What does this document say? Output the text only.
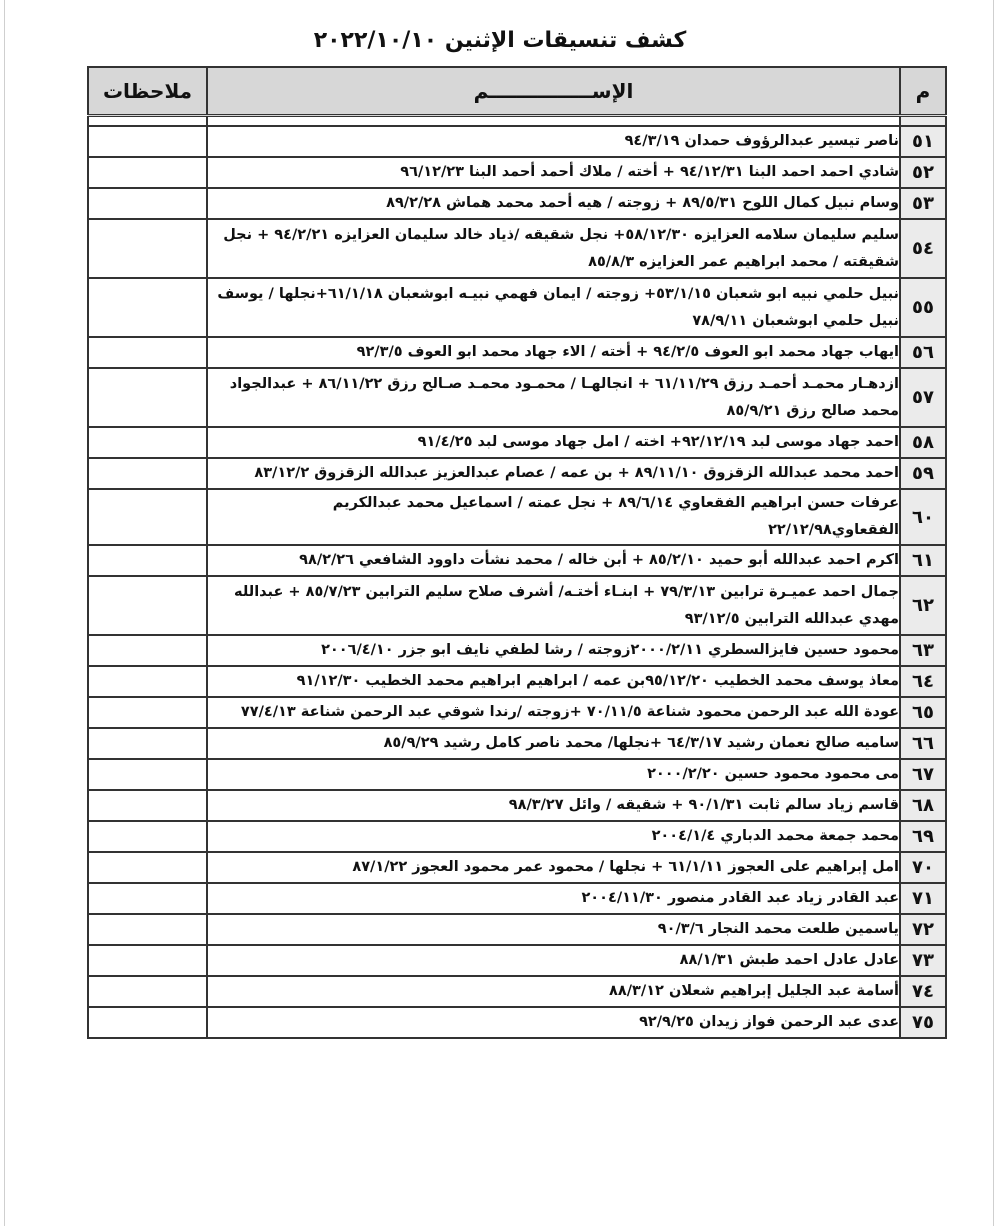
كشف تنسيقات الإثنين ٢٠٢٢/١٠/١٠
م	الإســـــــــــــــم	ملاحظات

٥١	ناصر تيسير عبدالرؤوف حمدان ٩٤/٣/١٩	
٥٢	شادي احمد احمد البنا ٩٤/١٢/٣١ + أخته / ملاك أحمد أحمد البنا ٩٦/١٢/٢٣	
٥٣	وسام نبيل كمال اللوح ٨٩/٥/٣١ + زوجته / هيه أحمد محمد هماش ٨٩/٢/٢٨	
٥٤	سليم سليمان سلامه العزايزه ٥٨/١٢/٣٠+ نجل شقيقه /ذياد خالد سليمان العزايزه ٩٤/٢/٢١ + نجل شقيقته / محمد ابراهيم عمر العزايزه ٨٥/٨/٣	
٥٥	نبيل حلمي نبيه ابو شعبان ٥٣/١/١٥+ زوجته / ايمان فهمي نبيـه ابوشعبان ٦١/١/١٨+نجلها / يوسف نبيل حلمي ابوشعبان ٧٨/٩/١١	
٥٦	ايهاب جهاد محمد ابو العوف ٩٤/٢/٥ + أخته / الاء جهاد محمد ابو العوف ٩٢/٣/٥	
٥٧	ازدهـار محمـد أحمـد رزق ٦١/١١/٢٩ + انجالهـا / محمـود محمـد صـالح رزق ٨٦/١١/٢٢ + عبدالجواد محمد صالح رزق ٨٥/٩/٢١	
٥٨	احمد جهاد موسى لبد ٩٢/١٢/١٩+ اخته / امل جهاد موسى لبد ٩١/٤/٢٥	
٥٩	احمد محمد عبدالله الزقزوق ٨٩/١١/١٠ + بن عمه / عصام عبدالعزيز عبدالله الزقزوق ٨٣/١٢/٢	
٦٠	عرفات حسن ابراهيم الفقعاوي ٨٩/٦/١٤ + نجل عمته / اسماعيل محمد عبدالكريم الفقعاوي٢٢/١٢/٩٨	
٦١	اكرم احمد عبدالله أبو حميد ٨٥/٢/١٠ + أبن خاله / محمد نشأت داوود الشافعي ٩٨/٢/٢٦	
٦٢	جمال احمد عميـرة ترابين ٧٩/٣/١٣ + ابنـاء أختـه/ أشرف صلاح سليم الترابين ٨٥/٧/٢٣ + عبدالله مهدي عبدالله الترابين ٩٣/١٢/٥	
٦٣	محمود حسين فايزالسطري ٢٠٠٠/٢/١١زوجته / رشا لطفي نايف ابو جزر ٢٠٠٦/٤/١٠	
٦٤	معاذ يوسف محمد الخطيب ٩٥/١٢/٢٠بن عمه / ابراهيم ابراهيم محمد الخطيب ٩١/١٢/٣٠	
٦٥	عودة الله عبد الرحمن محمود شناعة ٧٠/١١/٥ +زوجته /رندا شوقي عبد الرحمن شناعة ٧٧/٤/١٣	
٦٦	ساميه صالح نعمان رشيد ٦٤/٣/١٧ +نجلها/ محمد ناصر كامل رشيد ٨٥/٩/٢٩	
٦٧	مى محمود محمود حسين ٢٠٠٠/٢/٢٠	
٦٨	قاسم زياد سالم ثابت ٩٠/١/٣١ + شقيقه / وائل ٩٨/٣/٢٧	
٦٩	محمد جمعة محمد الدباري ٢٠٠٤/١/٤	
٧٠	امل إبراهيم على العجوز ٦١/١/١١ + نجلها / محمود عمر محمود العجوز ٨٧/١/٢٢	
٧١	عبد القادر زياد عبد القادر منصور ٢٠٠٤/١١/٣٠	
٧٢	ياسمين طلعت محمد النجار ٩٠/٣/٦	
٧٣	عادل عادل احمد طبش ٨٨/١/٣١	
٧٤	أسامة عبد الجليل إبراهيم شعلان ٨٨/٣/١٢	
٧٥	عدى عبد الرحمن فواز زيدان ٩٢/٩/٢٥	
